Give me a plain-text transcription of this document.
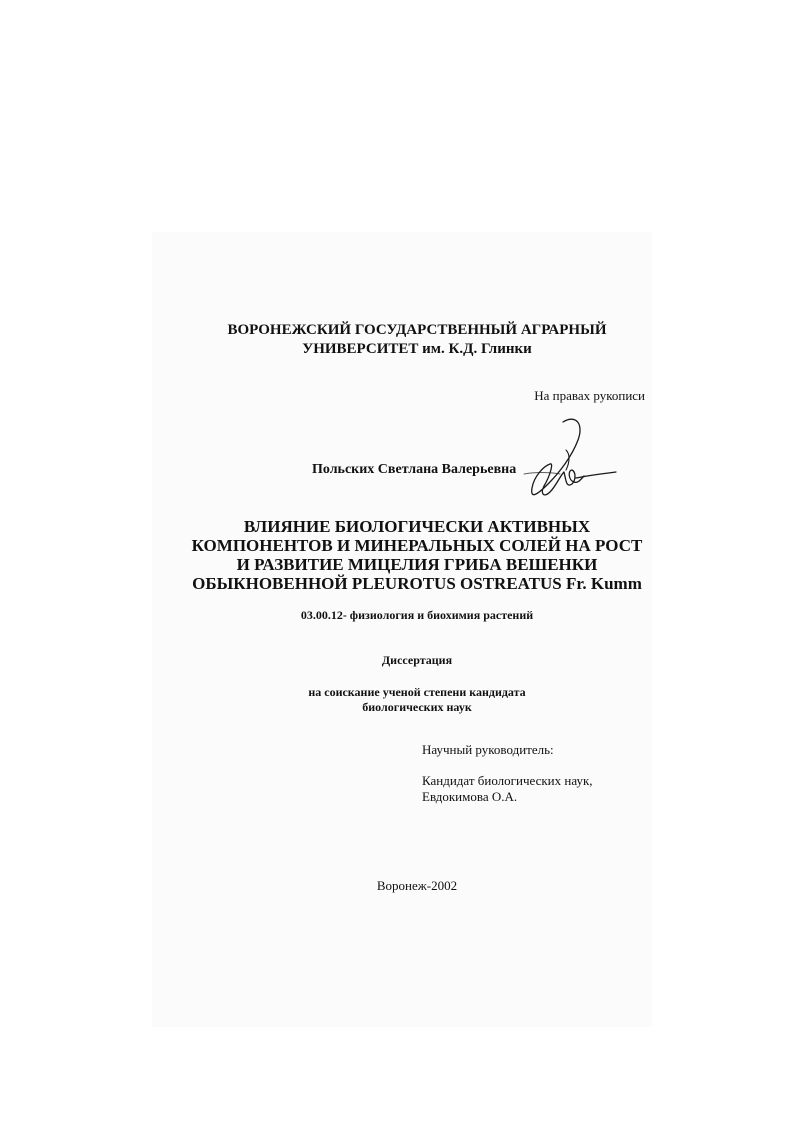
ВОРОНЕЖСКИЙ ГОСУДАРСТВЕННЫЙ АГРАРНЫЙ
УНИВЕРСИТЕТ им. К.Д. Глинки
На правах рукописи
Польских Светлана Валерьевна
ВЛИЯНИЕ БИОЛОГИЧЕСКИ АКТИВНЫХ
КОМПОНЕНТОВ И МИНЕРАЛЬНЫХ СОЛЕЙ НА РОСТ
И РАЗВИТИЕ МИЦЕЛИЯ ГРИБА ВЕШЕНКИ
ОБЫКНОВЕННОЙ PLEUROTUS OSTREATUS Fr. Kumm
03.00.12- физиология и биохимия растений
Диссертация
на соискание ученой степени кандидата
биологических наук
Научный руководитель:
Кандидат биологических наук,
Евдокимова О.А.
Воронеж-2002
